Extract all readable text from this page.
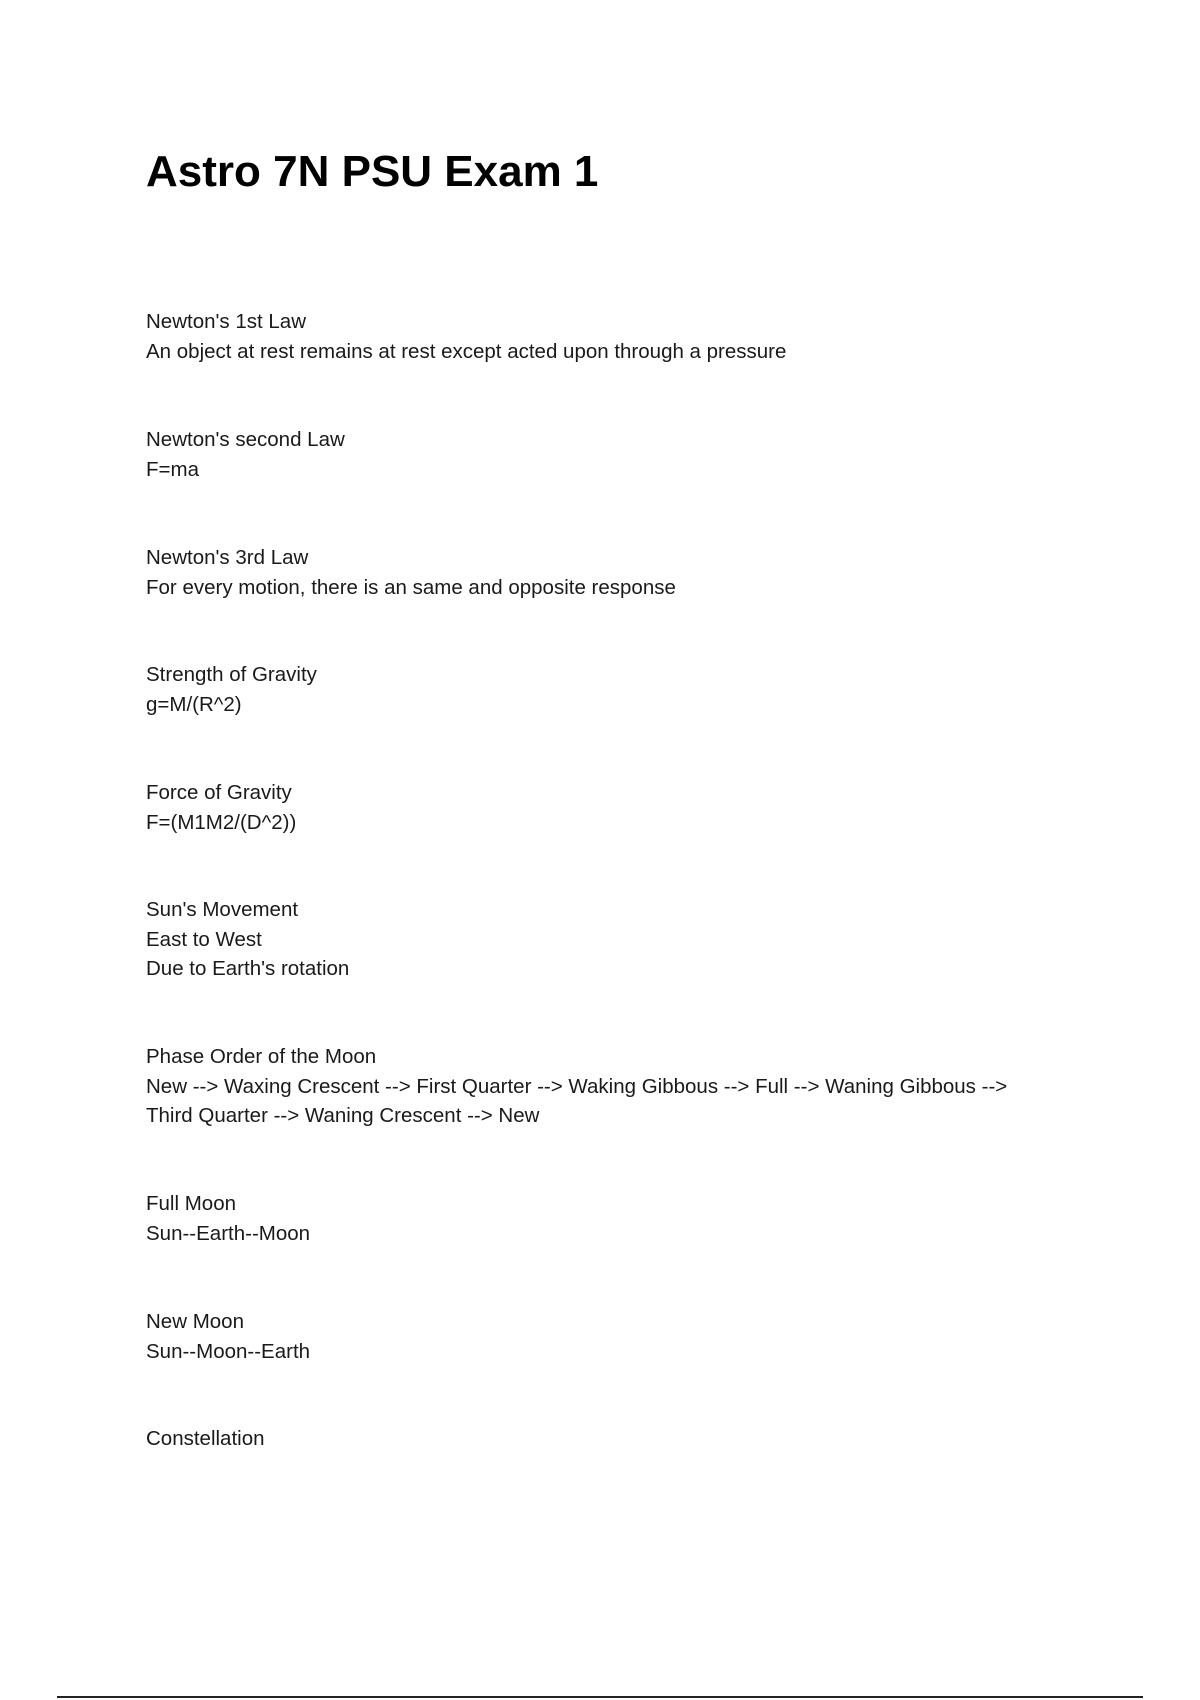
Astro 7N PSU Exam 1
Newton's 1st Law
An object at rest remains at rest except acted upon through a pressure
Newton's second Law
F=ma
Newton's 3rd Law
For every motion, there is an same and opposite response
Strength of Gravity
g=M/(R^2)
Force of Gravity
F=(M1M2/(D^2))
Sun's Movement
East to West
Due to Earth's rotation
Phase Order of the Moon
New --> Waxing Crescent --> First Quarter --> Waking Gibbous --> Full --> Waning Gibbous -->
Third Quarter --> Waning Crescent --> New
Full Moon
Sun--Earth--Moon
New Moon
Sun--Moon--Earth
Constellation
